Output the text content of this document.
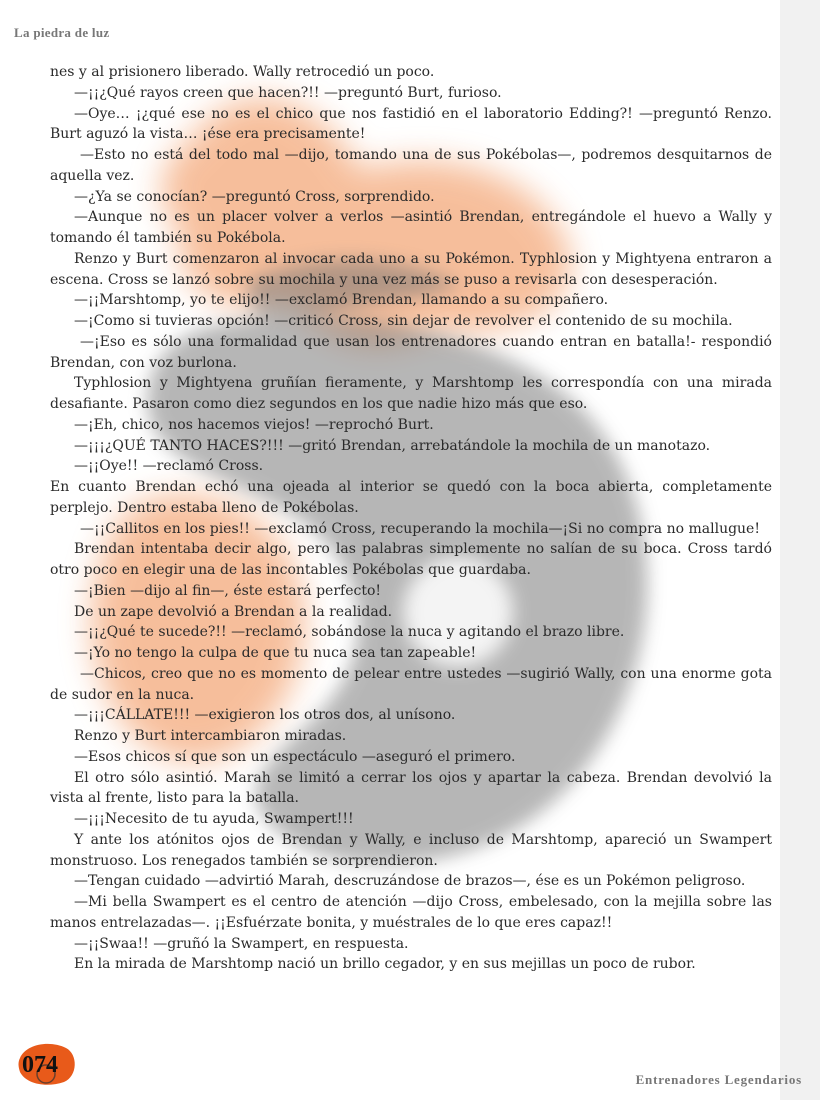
La piedra de luz

nes y al prisionero liberado. Wally retrocedió un poco.

—¡¡¿Qué rayos creen que hacen?!! —preguntó Burt, furioso.

—Oye… ¡¿qué ese no es el chico que nos fastidió en el laboratorio Edding?! —preguntó Renzo. Burt aguzó la vista… ¡ése era precisamente!

—Esto no está del todo mal —dijo, tomando una de sus Pokébolas—, podremos desquitarnos de aquella vez.

—¿Ya se conocían? —preguntó Cross, sorprendido.

—Aunque no es un placer volver a verlos —asintió Brendan, entregándole el huevo a Wally y tomando él también su Pokébola.

Renzo y Burt comenzaron al invocar cada uno a su Pokémon. Typhlosion y Mightyena entraron a escena. Cross se lanzó sobre su mochila y una vez más se puso a revisarla con desesperación.

—¡¡Marshtomp, yo te elijo!! —exclamó Brendan, llamando a su compañero.

—¡Como si tuvieras opción! —criticó Cross, sin dejar de revolver el contenido de su mochila.

—¡Eso es sólo una formalidad que usan los entrenadores cuando entran en batalla!- respondió Brendan, con voz burlona.

Typhlosion y Mightyena gruñían fieramente, y Marshtomp les correspondía con una mirada desafiante. Pasaron como diez segundos en los que nadie hizo más que eso.

—¡Eh, chico, nos hacemos viejos! —reprochó Burt.

—¡¡¡¿QUÉ TANTO HACES?!!! —gritó Brendan, arrebatándole la mochila de un manotazo.

—¡¡Oye!! —reclamó Cross.

En cuanto Brendan echó una ojeada al interior se quedó con la boca abierta, completamente perplejo. Dentro estaba lleno de Pokébolas.

—¡¡Callitos en los pies!! —exclamó Cross, recuperando la mochila—¡Si no compra no mallugue!

Brendan intentaba decir algo, pero las palabras simplemente no salían de su boca. Cross tardó otro poco en elegir una de las incontables Pokébolas que guardaba.

—¡Bien —dijo al fin—, éste estará perfecto!

De un zape devolvió a Brendan a la realidad.

—¡¡¿Qué te sucede?!! —reclamó, sobándose la nuca y agitando el brazo libre.

—¡Yo no tengo la culpa de que tu nuca sea tan zapeable!

—Chicos, creo que no es momento de pelear entre ustedes —sugirió Wally, con una enorme gota de sudor en la nuca.

—¡¡¡CÁLLATE!!! —exigieron los otros dos, al unísono.

Renzo y Burt intercambiaron miradas.

—Esos chicos sí que son un espectáculo —aseguró el primero.

El otro sólo asintió. Marah se limitó a cerrar los ojos y apartar la cabeza. Brendan devolvió la vista al frente, listo para la batalla.

—¡¡¡Necesito de tu ayuda, Swampert!!!

Y ante los atónitos ojos de Brendan y Wally, e incluso de Marshtomp, apareció un Swampert monstruoso. Los renegados también se sorprendieron.

—Tengan cuidado —advirtió Marah, descruzándose de brazos—, ése es un Pokémon peligroso.

—Mi bella Swampert es el centro de atención —dijo Cross, embelesado, con la mejilla sobre las manos entrelazadas—. ¡¡Esfuérzate bonita, y muéstrales de lo que eres capaz!!

—¡¡Swaa!! —gruñó la Swampert, en respuesta.

En la mirada de Marshtomp nació un brillo cegador, y en sus mejillas un poco de rubor.

074
Entrenadores Legendarios
